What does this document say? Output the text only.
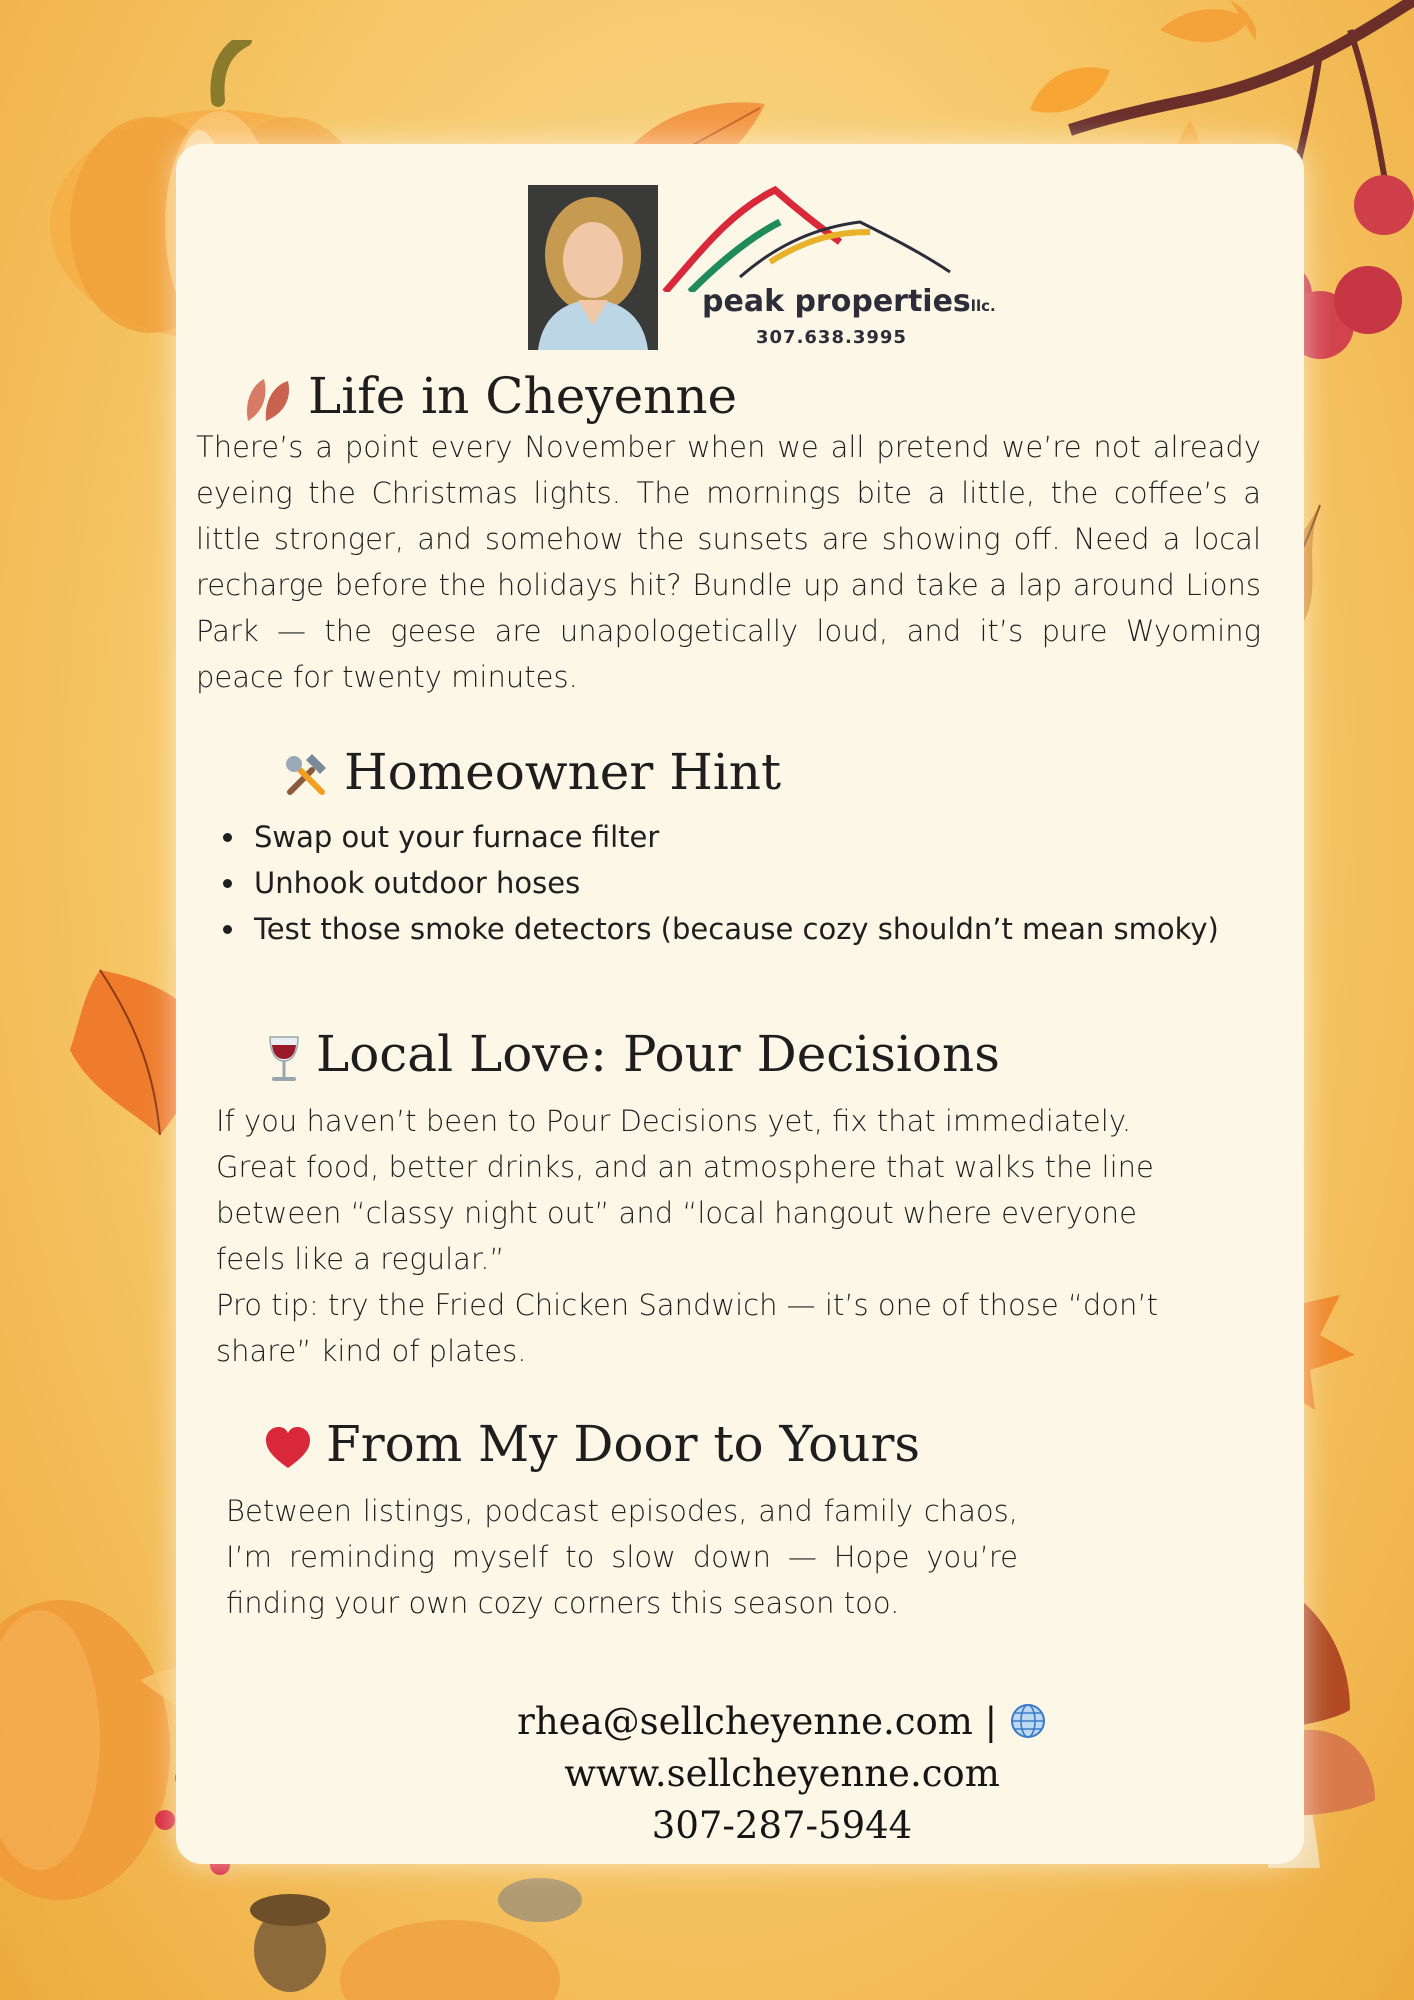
peak propertiesllc.
307.638.3995
Life in Cheyenne

There’s a point every November when we all pretend we’re not already eyeing the Christmas lights. The mornings bite a little, the coffee’s a little stronger, and somehow the sunsets are showing off. Need a local recharge before the holidays hit? Bundle up and take a lap around Lions Park — the geese are unapologetically loud, and it’s pure Wyoming peace for twenty minutes.

Homeowner Hint
• Swap out your furnace filter
• Unhook outdoor hoses
• Test those smoke detectors (because cozy shouldn’t mean smoky)
Local Love: Pour Decisions
If you haven’t been to Pour Decisions yet, fix that immediately.
Great food, better drinks, and an atmosphere that walks the line
between “classy night out” and “local hangout where everyone
feels like a regular.”
Pro tip: try the Fried Chicken Sandwich — it’s one of those “don’t
share” kind of plates.
From My Door to Yours

Between listings, podcast episodes, and family chaos, I’m reminding myself to slow down — Hope you’re finding your own cozy corners this season too.

rhea@sellcheyenne.com |
www.sellcheyenne.com
307-287-5944
